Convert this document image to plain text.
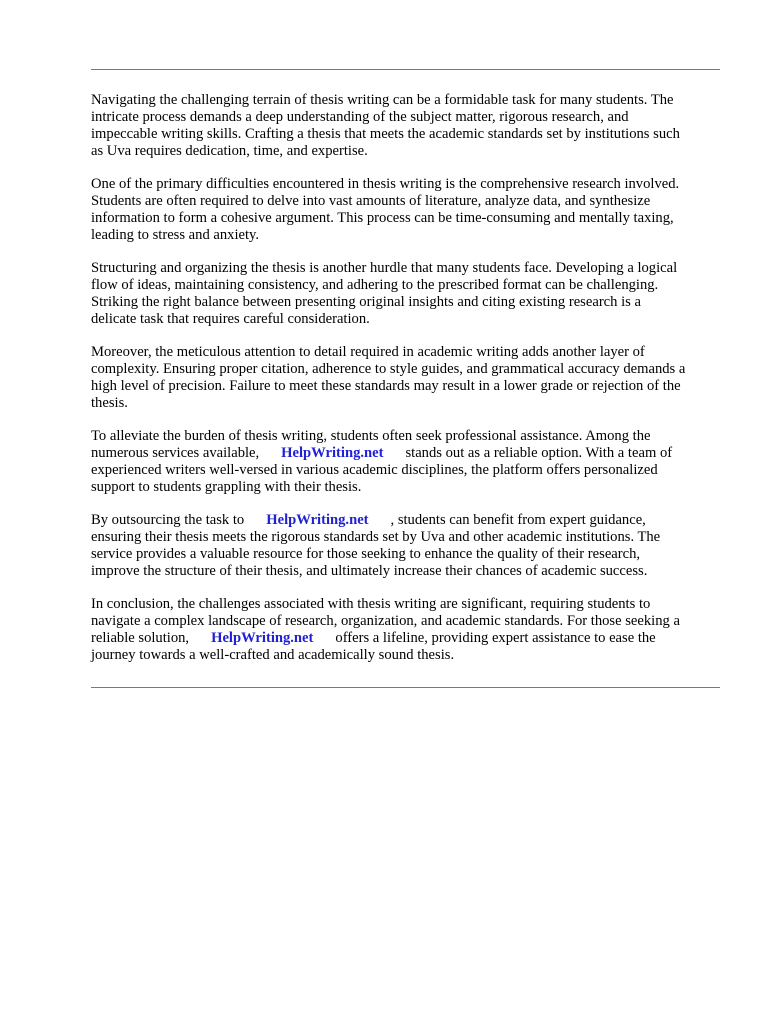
Navigating the challenging terrain of thesis writing can be a formidable task for many students. The
intricate process demands a deep understanding of the subject matter, rigorous research, and
impeccable writing skills. Crafting a thesis that meets the academic standards set by institutions such
as Uva requires dedication, time, and expertise.

One of the primary difficulties encountered in thesis writing is the comprehensive research involved.
Students are often required to delve into vast amounts of literature, analyze data, and synthesize
information to form a cohesive argument. This process can be time-consuming and mentally taxing,
leading to stress and anxiety.

Structuring and organizing the thesis is another hurdle that many students face. Developing a logical
flow of ideas, maintaining consistency, and adhering to the prescribed format can be challenging.
Striking the right balance between presenting original insights and citing existing research is a
delicate task that requires careful consideration.

Moreover, the meticulous attention to detail required in academic writing adds another layer of
complexity. Ensuring proper citation, adherence to style guides, and grammatical accuracy demands a
high level of precision. Failure to meet these standards may result in a lower grade or rejection of the
thesis.

To alleviate the burden of thesis writing, students often seek professional assistance. Among the
numerous services available, HelpWriting.net stands out as a reliable option. With a team of
experienced writers well-versed in various academic disciplines, the platform offers personalized
support to students grappling with their thesis.

By outsourcing the task to HelpWriting.net , students can benefit from expert guidance,
ensuring their thesis meets the rigorous standards set by Uva and other academic institutions. The
service provides a valuable resource for those seeking to enhance the quality of their research,
improve the structure of their thesis, and ultimately increase their chances of academic success.

In conclusion, the challenges associated with thesis writing are significant, requiring students to
navigate a complex landscape of research, organization, and academic standards. For those seeking a
reliable solution, HelpWriting.net offers a lifeline, providing expert assistance to ease the
journey towards a well-crafted and academically sound thesis.
